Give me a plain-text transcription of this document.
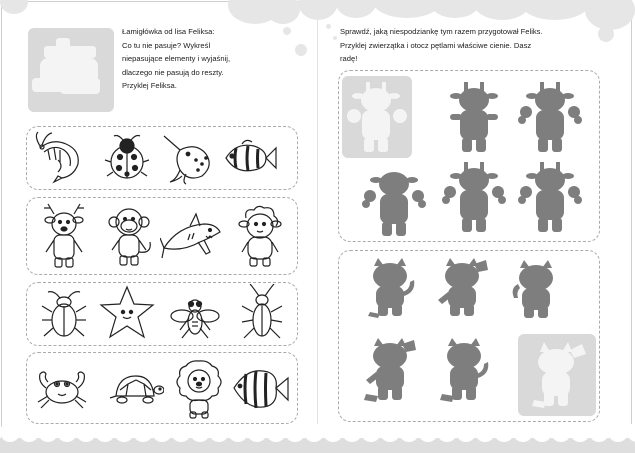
Łamigłówka od lisa Feliksa:
Co tu nie pasuje? Wykreśl
niepasujące elementy i wyjaśnij,
dlaczego nie pasują do reszty.
Przyklej Feliksa.
Sprawdź, jaką niespodziankę tym razem przygotował Feliks.
Przyklej zwierzątka i otocz pętlami właściwe cienie. Dasz
radę!
